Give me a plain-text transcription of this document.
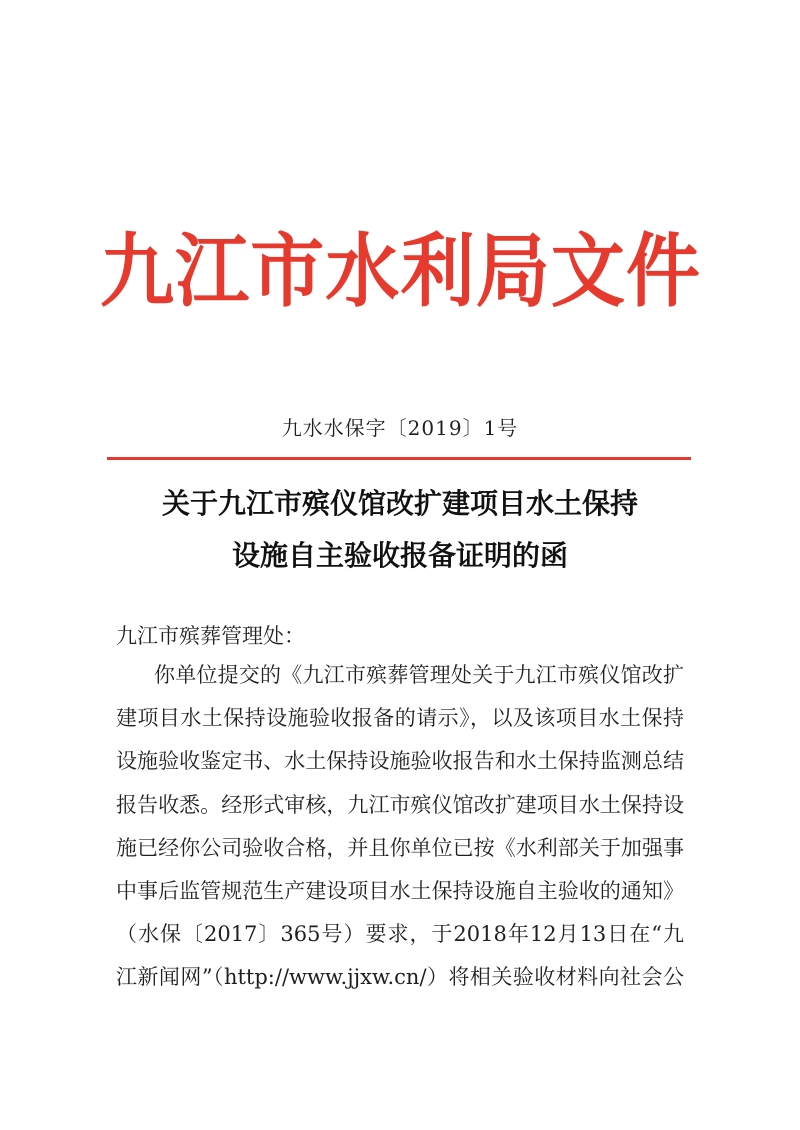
九 江 市 水 利 局 文 件
九水水保字〔2019〕1号
关于九江市殡仪馆改扩建项目水土保持
设施自主验收报备证明的函
九江市殡葬管理处：
你单位提交的《九江市殡葬管理处关于九江市殡仪馆改扩
建项目水土保持设施验收报备的请示》，以及该项目水土保持
设施验收鉴定书、水土保持设施验收报告和水土保持监测总结
报告收悉。经形式审核，九江市殡仪馆改扩建项目水土保持设
施已经你公司验收合格，并且你单位已按《水利部关于加强事
中事后监管规范生产建设项目水土保持设施自主验收的通知》
（水保〔2017〕365号）要求，于2018年12月13日在“九
江新闻网”（http://www.jjxw.cn/）将相关验收材料向社会公
